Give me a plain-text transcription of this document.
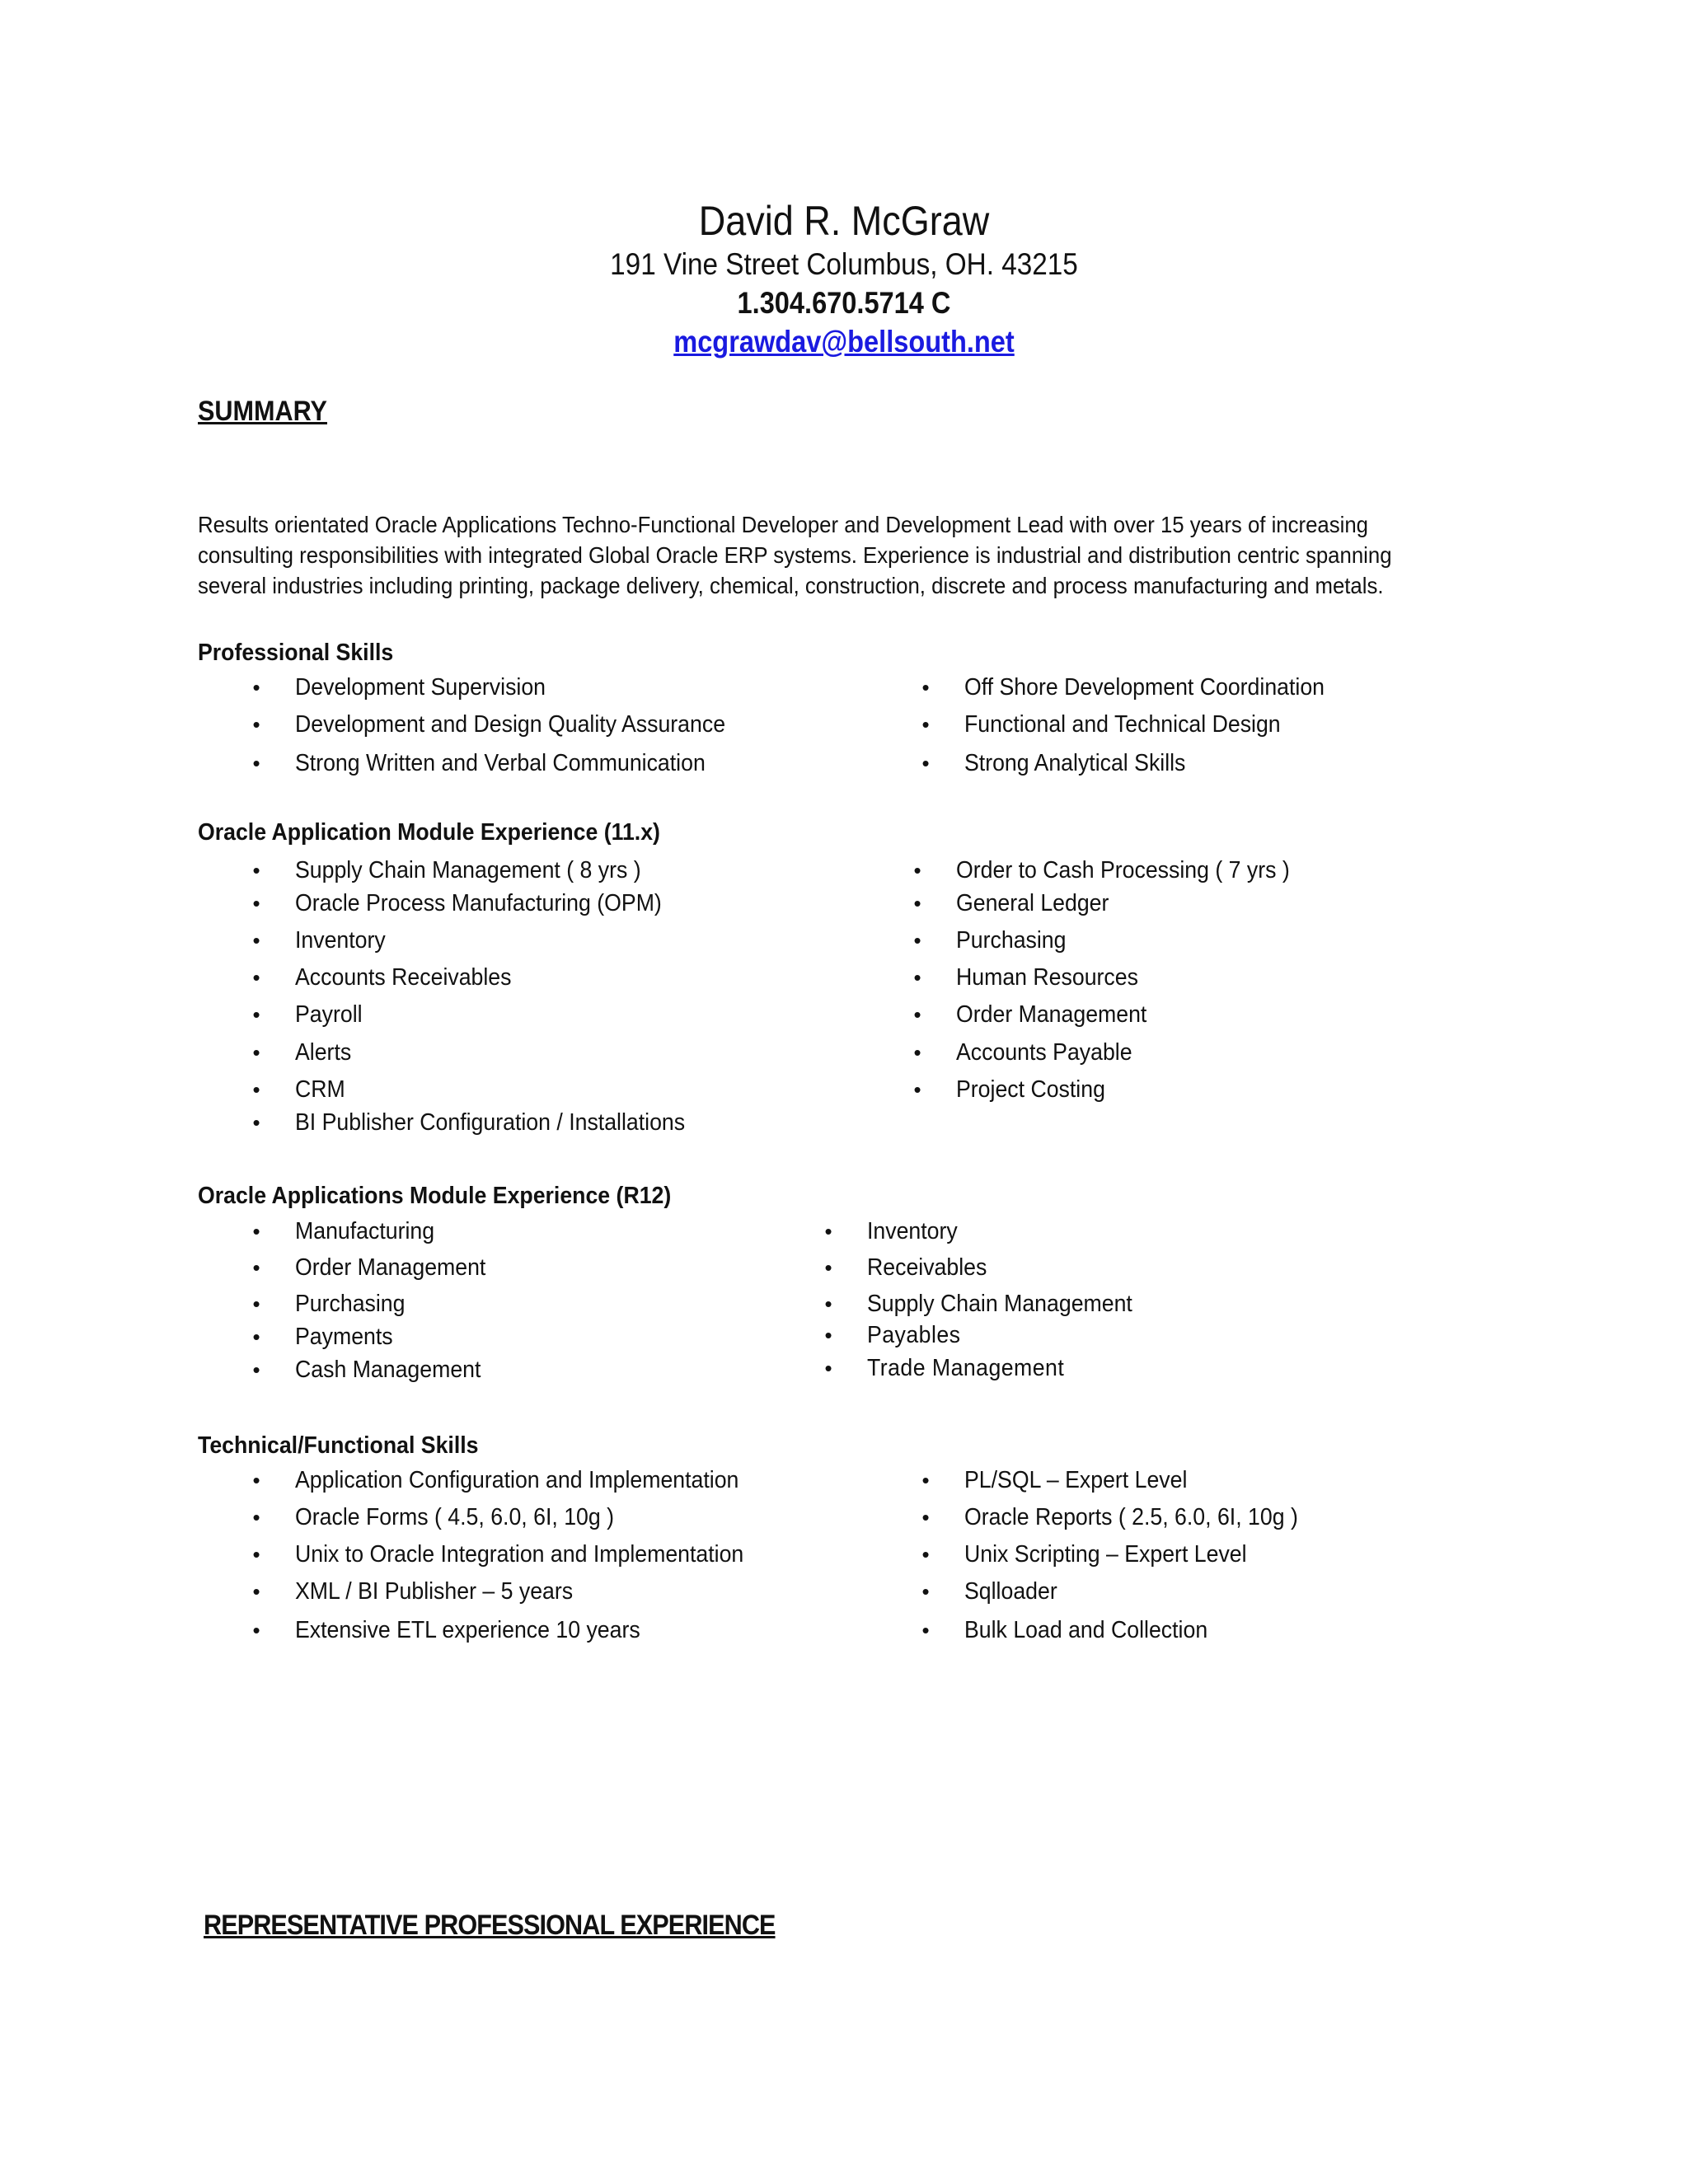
David R. McGraw
191 Vine Street Columbus, OH. 43215
1.304.670.5714 C
mcgrawdav@bellsouth.net
SUMMARY
Results orientated Oracle Applications Techno-Functional Developer and Development Lead with over 15 years of increasing
consulting responsibilities with integrated Global Oracle ERP systems. Experience is industrial and distribution centric spanning
several industries including printing, package delivery, chemical, construction, discrete and process manufacturing and metals.
Professional Skills
•	Development Supervision
•	Development and Design Quality Assurance
•	Strong Written and Verbal Communication
•	Off Shore Development Coordination
•	Functional and Technical Design
•	Strong Analytical Skills
Oracle Application Module Experience (11.x)
•	Supply Chain Management ( 8 yrs )
•	Oracle Process Manufacturing (OPM)
•	Inventory
•	Accounts Receivables
•	Payroll
•	Alerts
•	CRM
•	BI Publisher Configuration / Installations
•	Order to Cash Processing ( 7 yrs )
•	General Ledger
•	Purchasing
•	Human Resources
•	Order Management
•	Accounts Payable
•	Project Costing
Oracle Applications Module Experience (R12)
•	Manufacturing
•	Order Management
•	Purchasing
•	Payments
•	Cash Management
•	Inventory
•	Receivables
•	Supply Chain Management
•	Payables
•	Trade Management
Technical/Functional Skills
•	Application Configuration and Implementation
•	Oracle Forms ( 4.5, 6.0, 6I, 10g )
•	Unix to Oracle Integration and Implementation
•	XML / BI Publisher – 5 years
•	Extensive ETL experience 10 years
•	PL/SQL – Expert Level
•	Oracle Reports ( 2.5, 6.0, 6I, 10g )
•	Unix Scripting – Expert Level
•	Sqlloader
•	Bulk Load and Collection
REPRESENTATIVE PROFESSIONAL EXPERIENCE
